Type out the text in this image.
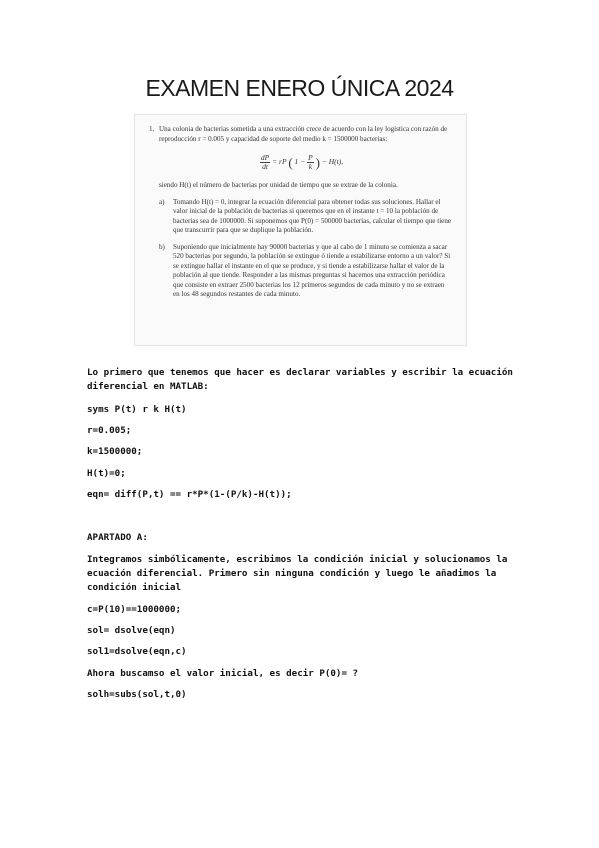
EXAMEN ENERO ÚNICA 2024
1. Una colonia de bacterias sometida a una extracción crece de acuerdo con la ley logística con razón de reproducción r = 0.005 y capacidad de soporte del medio k = 1500000 bacterias:

$\frac{dP}{dt}$ = rP ( $1 - \frac{P}{k}$ ) − H(t),

siendo H(t) el número de bacterias por unidad de tiempo que se extrae de la colonia.

a) Tomando H(t) = 0, integrar la ecuación diferencial para obtener todas sus soluciones. Hallar el valor inicial de la población de bacterias si queremos que en el instante t = 10 la población de bacterias sea de 1000000. Si suponemos que P(0) = 500000 bacterias, calcular el tiempo que tiene que transcurrir para que se duplique la población.
b) Suponiendo que inicialmente hay 90000 bacterias y que al cabo de 1 minuto se comienza a sacar 520 bacterias por segundo, la población se extingue ó tiende a estabilizarse entorno a un valor? Si se extingue hallar el instante en el que se produce, y si tiende a estabilizarse hallar el valor de la población al que tiende. Responder a las mismas preguntas si hacemos una extracción periódica que consiste en extraer 2500 bacterias los 12 primeros segundos de cada minuto y no se extraen en los 48 segundos restantes de cada minuto.
Lo primero que tenemos que hacer es declarar variables y escribir la ecuación diferencial en MATLAB:
syms P(t) r k H(t)
r=0.005;
k=1500000;
H(t)=0;
eqn= diff(P,t) == r*P*(1-(P/k)-H(t));
APARTADO A:
Integramos simbólicamente, escribimos la condición inicial y solucionamos la ecuación diferencial. Primero sin ninguna condición y luego le añadimos la condición inicial
c=P(10)==1000000;
sol= dsolve(eqn)
sol1=dsolve(eqn,c)
Ahora buscamso el valor inicial, es decir P(0)= ?
solh=subs(sol,t,0)
